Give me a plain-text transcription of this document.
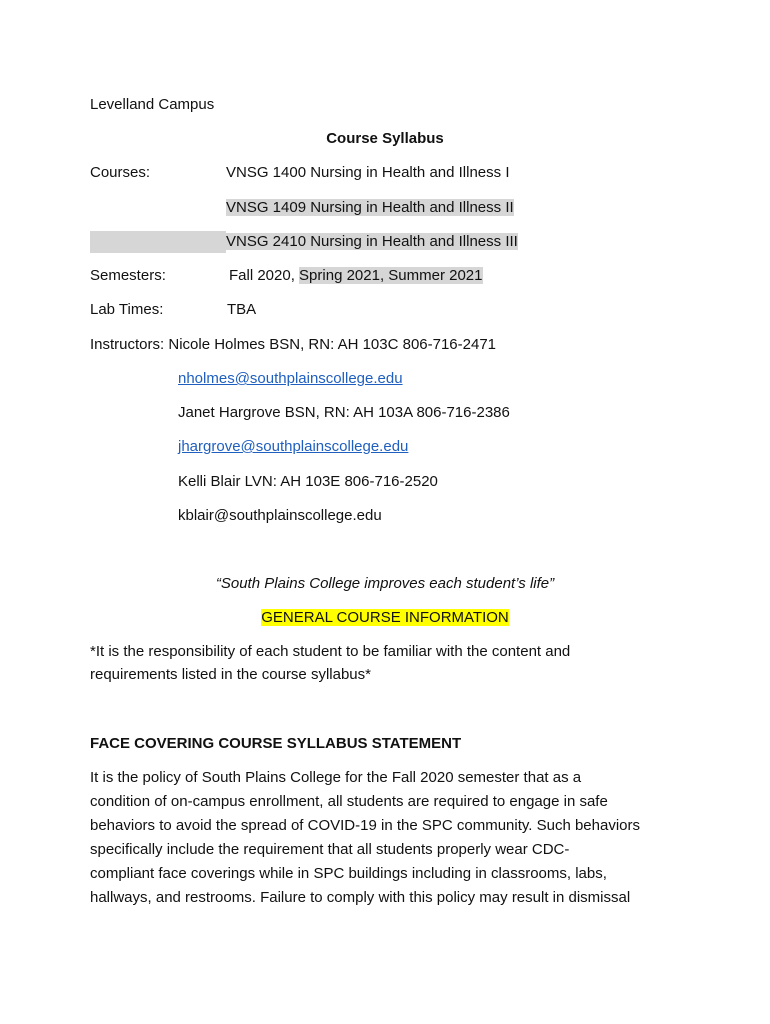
Levelland Campus
Course Syllabus
Courses:	VNSG 1400 Nursing in Health and Illness I
VNSG 1409 Nursing in Health and Illness II
VNSG 2410 Nursing in Health and Illness III
Semesters:	Fall 2020, Spring 2021, Summer 2021
Lab Times:	TBA
Instructors: Nicole Holmes BSN, RN: AH 103C 806-716-2471
nholmes@southplainscollege.edu
Janet Hargrove BSN, RN: AH 103A 806-716-2386
jhargrove@southplainscollege.edu
Kelli Blair LVN: AH 103E 806-716-2520
kblair@southplainscollege.edu
“South Plains College improves each student’s life”
GENERAL COURSE INFORMATION
*It is the responsibility of each student to be familiar with the content and
requirements listed in the course syllabus*
FACE COVERING COURSE SYLLABUS STATEMENT
It is the policy of South Plains College for the Fall 2020 semester that as a
condition of on-campus enrollment, all students are required to engage in safe
behaviors to avoid the spread of COVID-19 in the SPC community. Such behaviors
specifically include the requirement that all students properly wear CDC-
compliant face coverings while in SPC buildings including in classrooms, labs,
hallways, and restrooms. Failure to comply with this policy may result in dismissal
